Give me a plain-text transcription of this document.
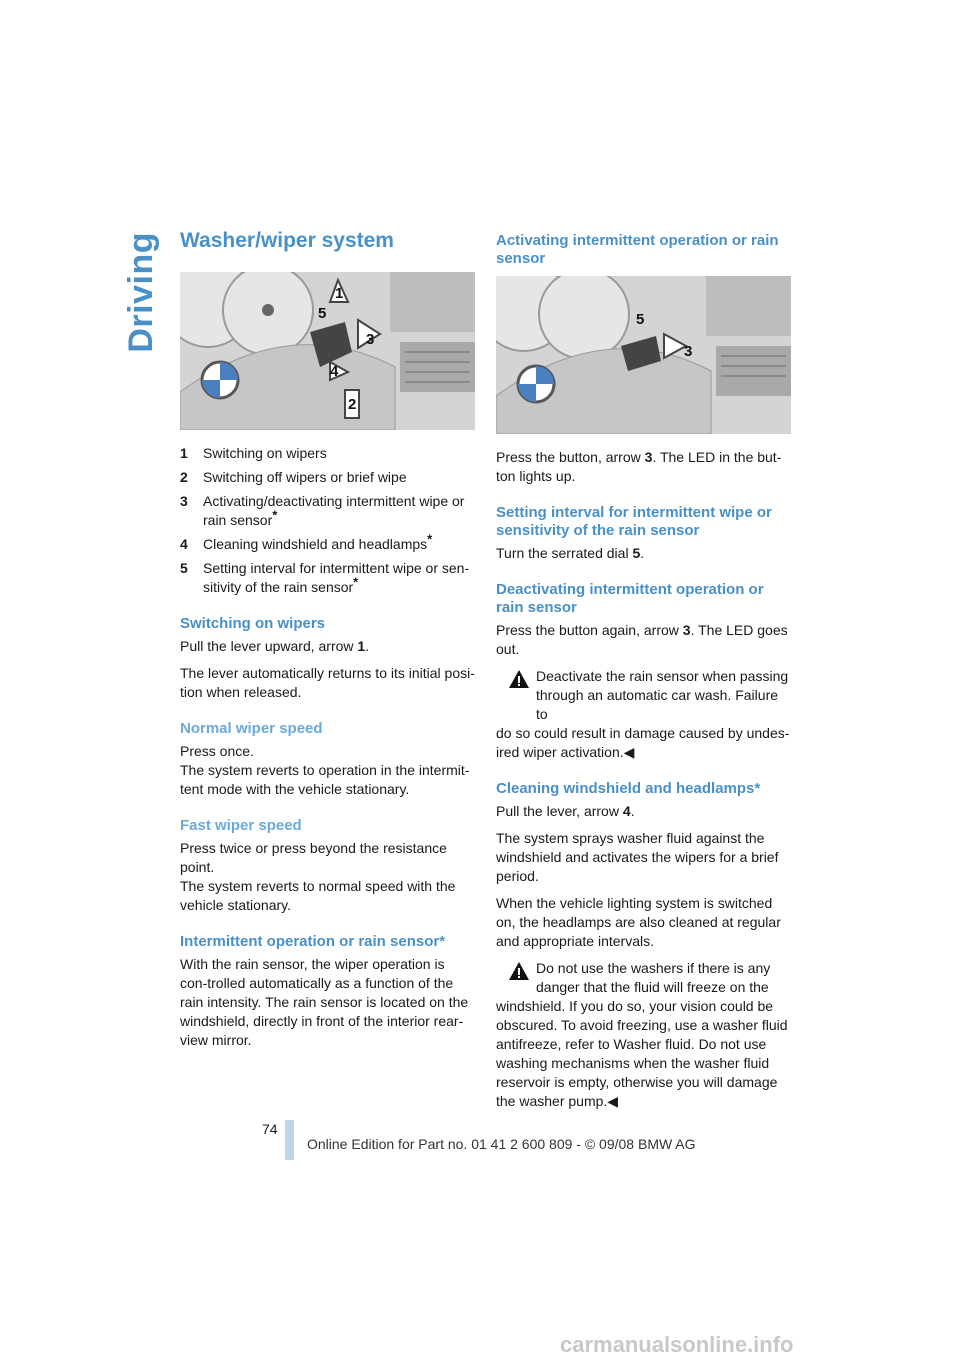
Driving Washer/wiper system
1
5
3
4
2
1	Switching on wipers
2	Switching off wipers or brief wipe
3	Activating/deactivating intermittent wipe or rain sensor*
4	Cleaning windshield and headlamps*
5	Setting interval for intermittent wipe or sen-sitivity of the rain sensor*
Switching on wipers

Pull the lever upward, arrow 1.

The lever automatically returns to its initial posi-tion when released.

Normal wiper speed

Press once.
The system reverts to operation in the intermit-tent mode with the vehicle stationary.

Fast wiper speed

Press twice or press beyond the resistance point.
The system reverts to normal speed with the vehicle stationary.

Intermittent operation or rain sensor*

With the rain sensor, the wiper operation is con-trolled automatically as a function of the rain intensity. The rain sensor is located on the windshield, directly in front of the interior rear-view mirror.

Activating intermittent operation or rain sensor
5
3

Press the button, arrow 3. The LED in the but-ton lights up.

Setting interval for intermittent wipe or sensitivity of the rain sensor

Turn the serrated dial 5.

Deactivating intermittent operation or rain sensor

Press the button again, arrow 3. The LED goes out.

Deactivate the rain sensor when passing through an automatic car wash. Failure to
do so could result in damage caused by undes-ired wiper activation.◀
Cleaning windshield and headlamps*

Pull the lever, arrow 4.

The system sprays washer fluid against the windshield and activates the wipers for a brief period.

When the vehicle lighting system is switched on, the headlamps are also cleaned at regular and appropriate intervals.

Do not use the washers if there is any danger that the fluid will freeze on the
windshield. If you do so, your vision could be obscured. To avoid freezing, use a washer fluid antifreeze, refer to Washer fluid. Do not use washing mechanisms when the washer fluid reservoir is empty, otherwise you will damage the washer pump.◀
74
Online Edition for Part no. 01 41 2 600 809 - © 09/08 BMW AG
carmanualsonline.info
